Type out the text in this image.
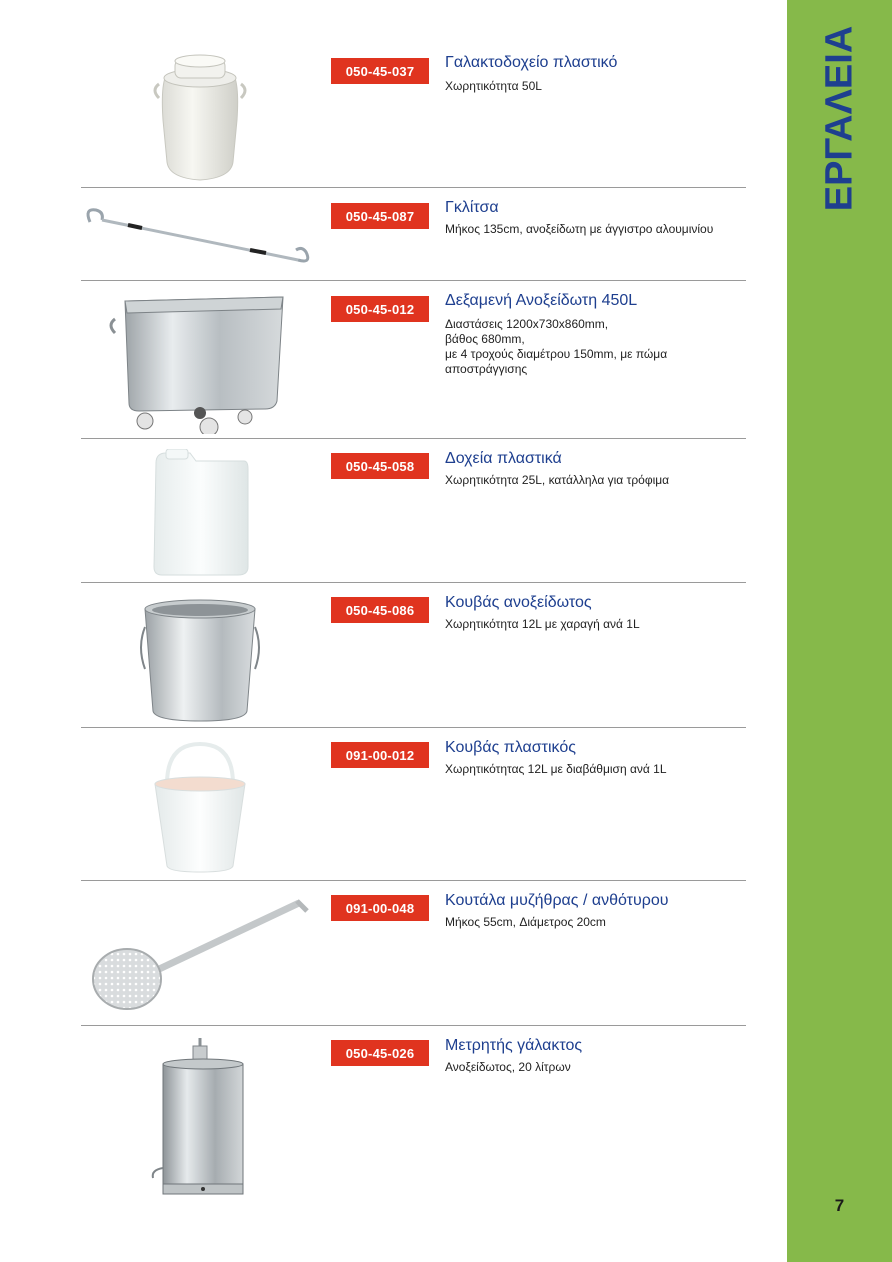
ΕΡΓΑΛΕΙΑ
7
050-45-037	Γαλακτοδοχείο πλαστικό
Χωρητικότητα 50L
050-45-087	Γκλίτσα
Μήκος 135cm, ανοξείδωτη με άγγιστρο αλουμινίου
050-45-012	Δεξαμενή Ανοξείδωτη 450L
Διαστάσεις 1200x730x860mm,
βάθος 680mm,
με 4 τροχούς διαμέτρου 150mm, με πώμα
αποστράγγισης
050-45-058	Δοχεία πλαστικά
Χωρητικότητα 25L, κατάλληλα για τρόφιμα
050-45-086	Κουβάς ανοξείδωτος
Χωρητικότητα 12L με χαραγή ανά 1L
091-00-012	Κουβάς πλαστικός
Χωρητικότητας 12L με διαβάθμιση ανά 1L
091-00-048	Κουτάλα μυζήθρας / ανθότυρου
Μήκος 55cm, Διάμετρος 20cm
050-45-026	Μετρητής γάλακτος
Ανοξείδωτος, 20 λίτρων
